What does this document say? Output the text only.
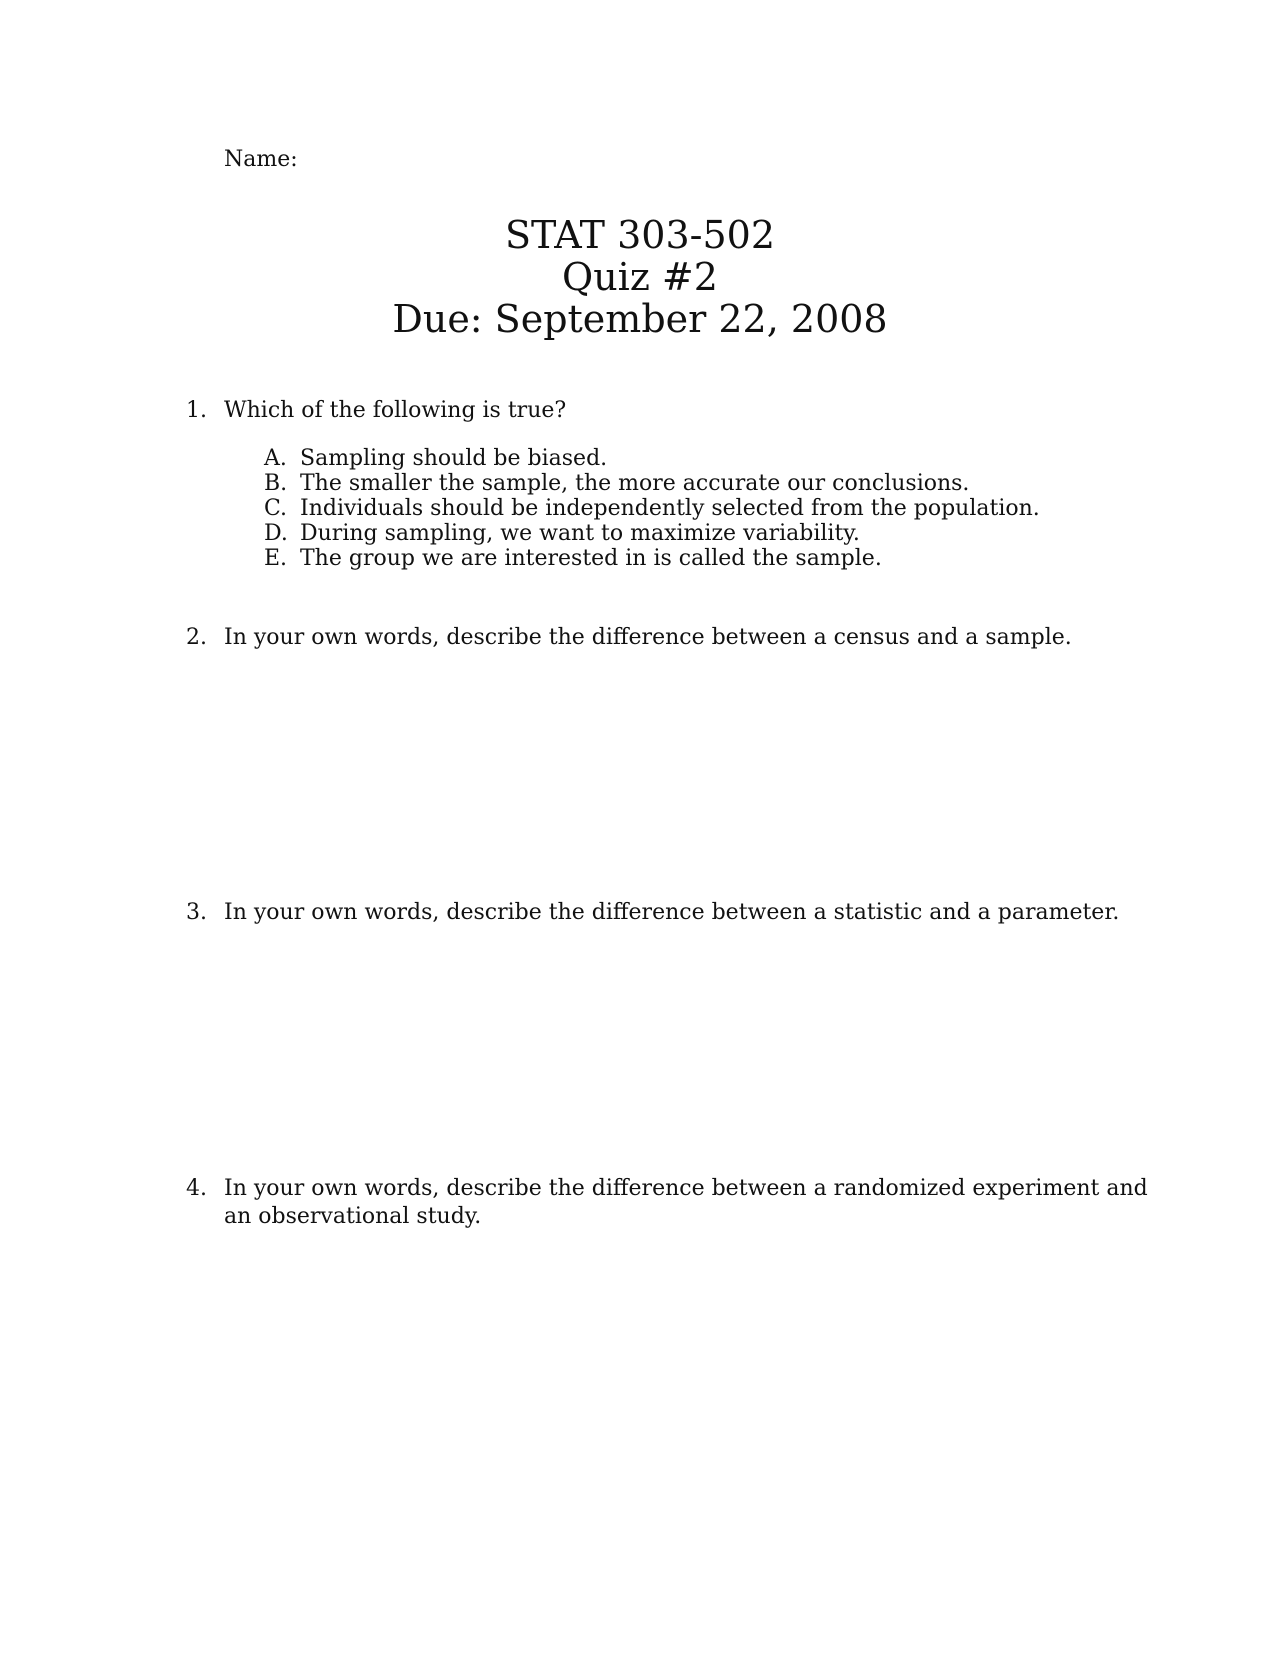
Name:
STAT 303-502
Quiz #2
Due: September 22, 2008
1. Which of the following is true?
A. Sampling should be biased.
B. The smaller the sample, the more accurate our conclusions.
C. Individuals should be independently selected from the population.
D. During sampling, we want to maximize variability.
E. The group we are interested in is called the sample.
2. In your own words, describe the difference between a census and a sample.
3. In your own words, describe the difference between a statistic and a parameter.
4. In your own words, describe the difference between a randomized experiment and
an observational study.
